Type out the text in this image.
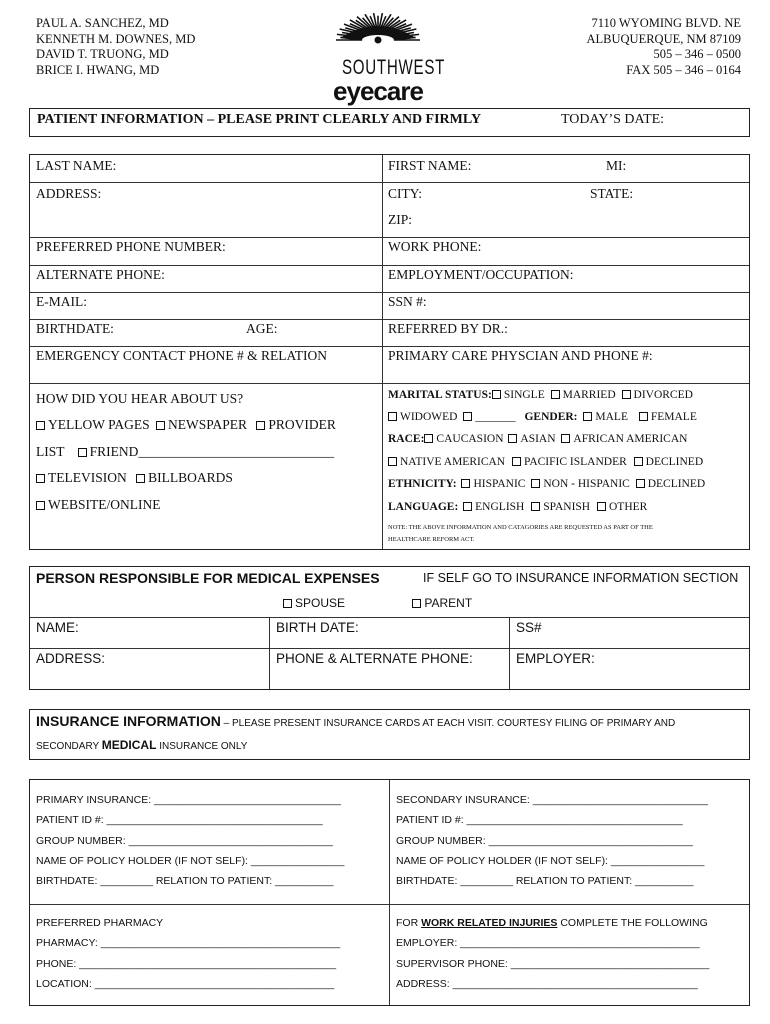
PAUL A. SANCHEZ, MD
KENNETH M. DOWNES, MD
DAVID T. TRUONG, MD
BRICE I. HWANG, MD	SOUTHWEST
eyecare
7110 WYOMING BLVD. NE
ALBUQUERQUE, NM 87109
505 – 346 – 0500
FAX 505 – 346 – 0164
PATIENT INFORMATION – PLEASE PRINT CLEARLY AND FIRMLY	TODAY’S DATE:
LAST NAME:	FIRST NAME:	MI:
ADDRESS:	CITY:	STATE:
ZIP:
PREFERRED PHONE NUMBER:	WORK PHONE:
ALTERNATE PHONE:	EMPLOYMENT/OCCUPATION:
E-MAIL:	SSN #:
BIRTHDATE:	AGE:	REFERRED BY DR.:
EMERGENCY CONTACT PHONE # & RELATION	PRIMARY CARE PHYSCIAN AND PHONE #:
HOW DID YOU HEAR ABOUT US?
YELLOW PAGES NEWSPAPER PROVIDER
LIST FRIEND_____________________________
TELEVISION BILLBOARDS
WEBSITE/ONLINE
MARITAL STATUS: SINGLE MARRIED DIVORCED
WIDOWED _______ GENDER: MALE FEMALE
RACE: CAUCASION ASIAN AFRICAN AMERICAN
NATIVE AMERICAN PACIFIC ISLANDER DECLINED
ETHNICITY: HISPANIC NON - HISPANIC DECLINED
LANGUAGE: ENGLISH SPANISH OTHER
NOTE: THE ABOVE INFORMATION AND CATAGORIES ARE REQUESTED AS PART OF THE
HEALTHCARE REFORM ACT.
PERSON RESPONSIBLE FOR MEDICAL EXPENSES	IF SELF GO TO INSURANCE INFORMATION SECTION
SPOUSE	PARENT
NAME:	BIRTH DATE:	SS#
ADDRESS:	PHONE & ALTERNATE PHONE:	EMPLOYER:
INSURANCE INFORMATION – PLEASE PRESENT INSURANCE CARDS AT EACH VISIT. COURTESY FILING OF PRIMARY AND
SECONDARY MEDICAL INSURANCE ONLY
PRIMARY INSURANCE: ________________________________
PATIENT ID #: _____________________________________
GROUP NUMBER: ___________________________________
NAME OF POLICY HOLDER (IF NOT SELF): ________________
BIRTHDATE: _________ RELATION TO PATIENT: __________
SECONDARY INSURANCE: ______________________________
PATIENT ID #: _____________________________________
GROUP NUMBER: ___________________________________
NAME OF POLICY HOLDER (IF NOT SELF): ________________
BIRTHDATE: _________ RELATION TO PATIENT: __________
PREFERRED PHARMACY
PHARMACY: _________________________________________
PHONE: ____________________________________________
LOCATION: _________________________________________
FOR WORK RELATED INJURIES COMPLETE THE FOLLOWING
EMPLOYER: _________________________________________
SUPERVISOR PHONE: __________________________________
ADDRESS: __________________________________________
